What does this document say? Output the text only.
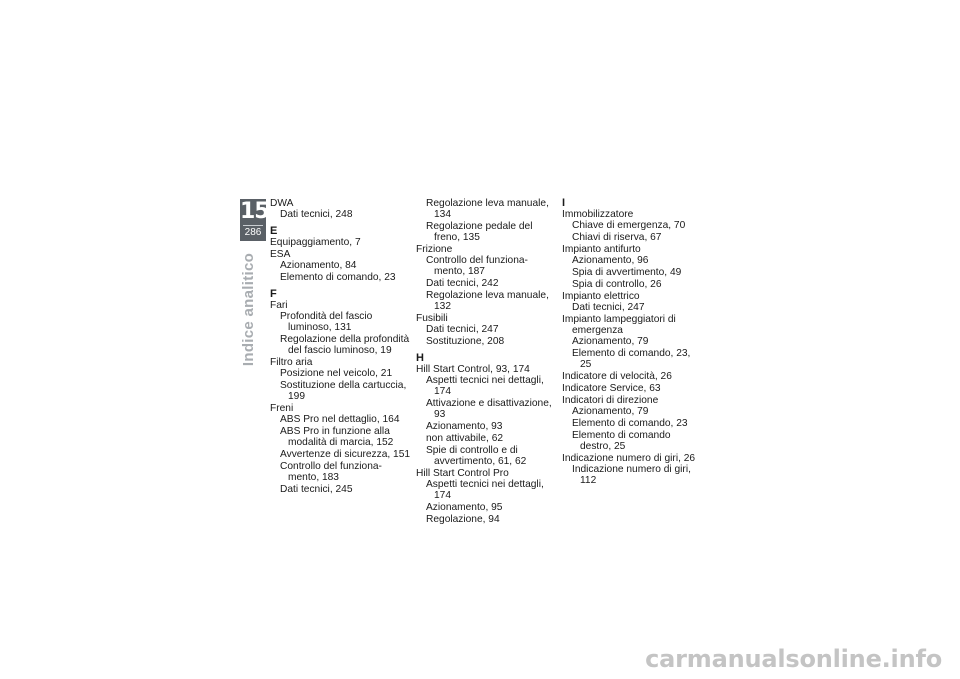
15
286
Indice analitico
DWA
Dati tecnici, 248
E
Equipaggiamento, 7
ESA
Azionamento, 84
Elemento di comando, 23
F
Fari
Profondità del fascio luminoso, 131
Regolazione della profondità del fascio luminoso, 19
Filtro aria
Posizione nel veicolo, 21
Sostituzione della cartuccia, 199
Freni
ABS Pro nel dettaglio, 164
ABS Pro in funzione alla modalità di marcia, 152
Avvertenze di sicurezza, 151
Controllo del funziona-mento, 183
Dati tecnici, 245
Regolazione leva manuale, 134
Regolazione pedale del freno, 135
Frizione
Controllo del funziona-mento, 187
Dati tecnici, 242
Regolazione leva manuale, 132
Fusibili
Dati tecnici, 247
Sostituzione, 208
H
Hill Start Control, 93, 174
Aspetti tecnici nei dettagli, 174
Attivazione e disattivazione, 93
Azionamento, 93
non attivabile, 62
Spie di controllo e di avvertimento, 61, 62
Hill Start Control Pro
Aspetti tecnici nei dettagli, 174
Azionamento, 95
Regolazione, 94
I
Immobilizzatore
Chiave di emergenza, 70
Chiavi di riserva, 67
Impianto antifurto
Azionamento, 96
Spia di avvertimento, 49
Spia di controllo, 26
Impianto elettrico
Dati tecnici, 247
Impianto lampeggiatori di emergenza
Azionamento, 79
Elemento di comando, 23, 25
Indicatore di velocità, 26
Indicatore Service, 63
Indicatori di direzione
Azionamento, 79
Elemento di comando, 23
Elemento di comando destro, 25
Indicazione numero di giri, 26
Indicazione numero di giri, 112
carmanualsonline.info
